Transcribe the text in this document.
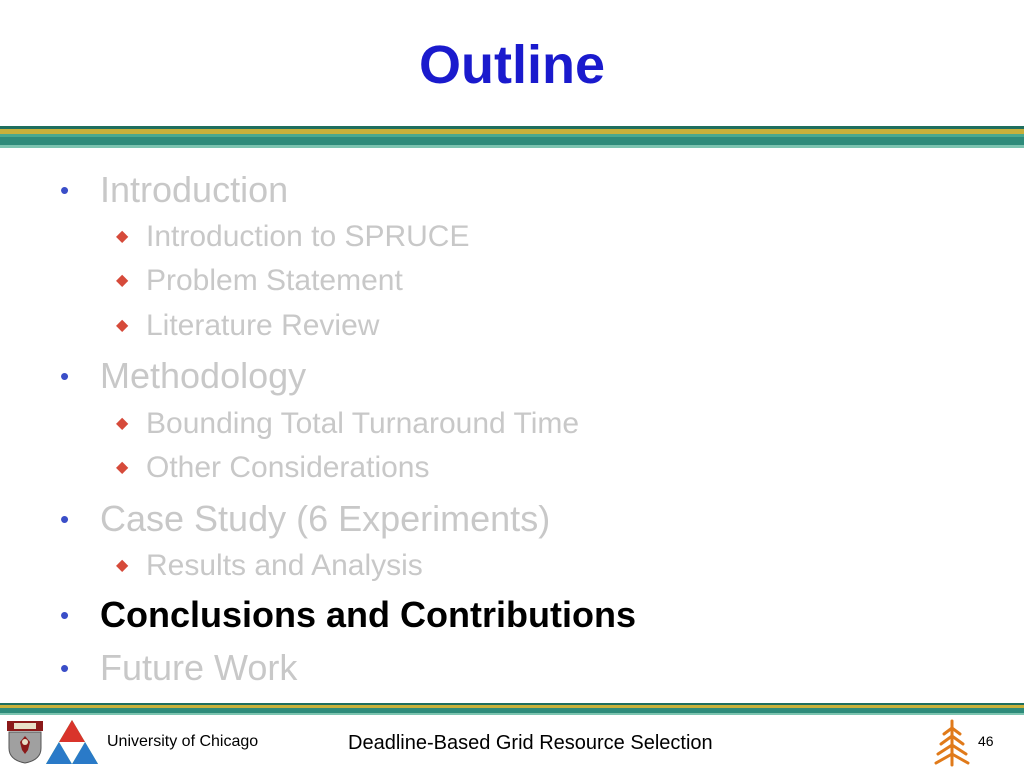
Outline
• Introduction
◆ Introduction to SPRUCE
◆ Problem Statement
◆ Literature Review
• Methodology
◆ Bounding Total Turnaround Time
◆ Other Considerations
• Case Study (6 Experiments)
◆ Results and Analysis
• Conclusions and Contributions
• Future Work
University of Chicago	Deadline-Based Grid Resource Selection	46
